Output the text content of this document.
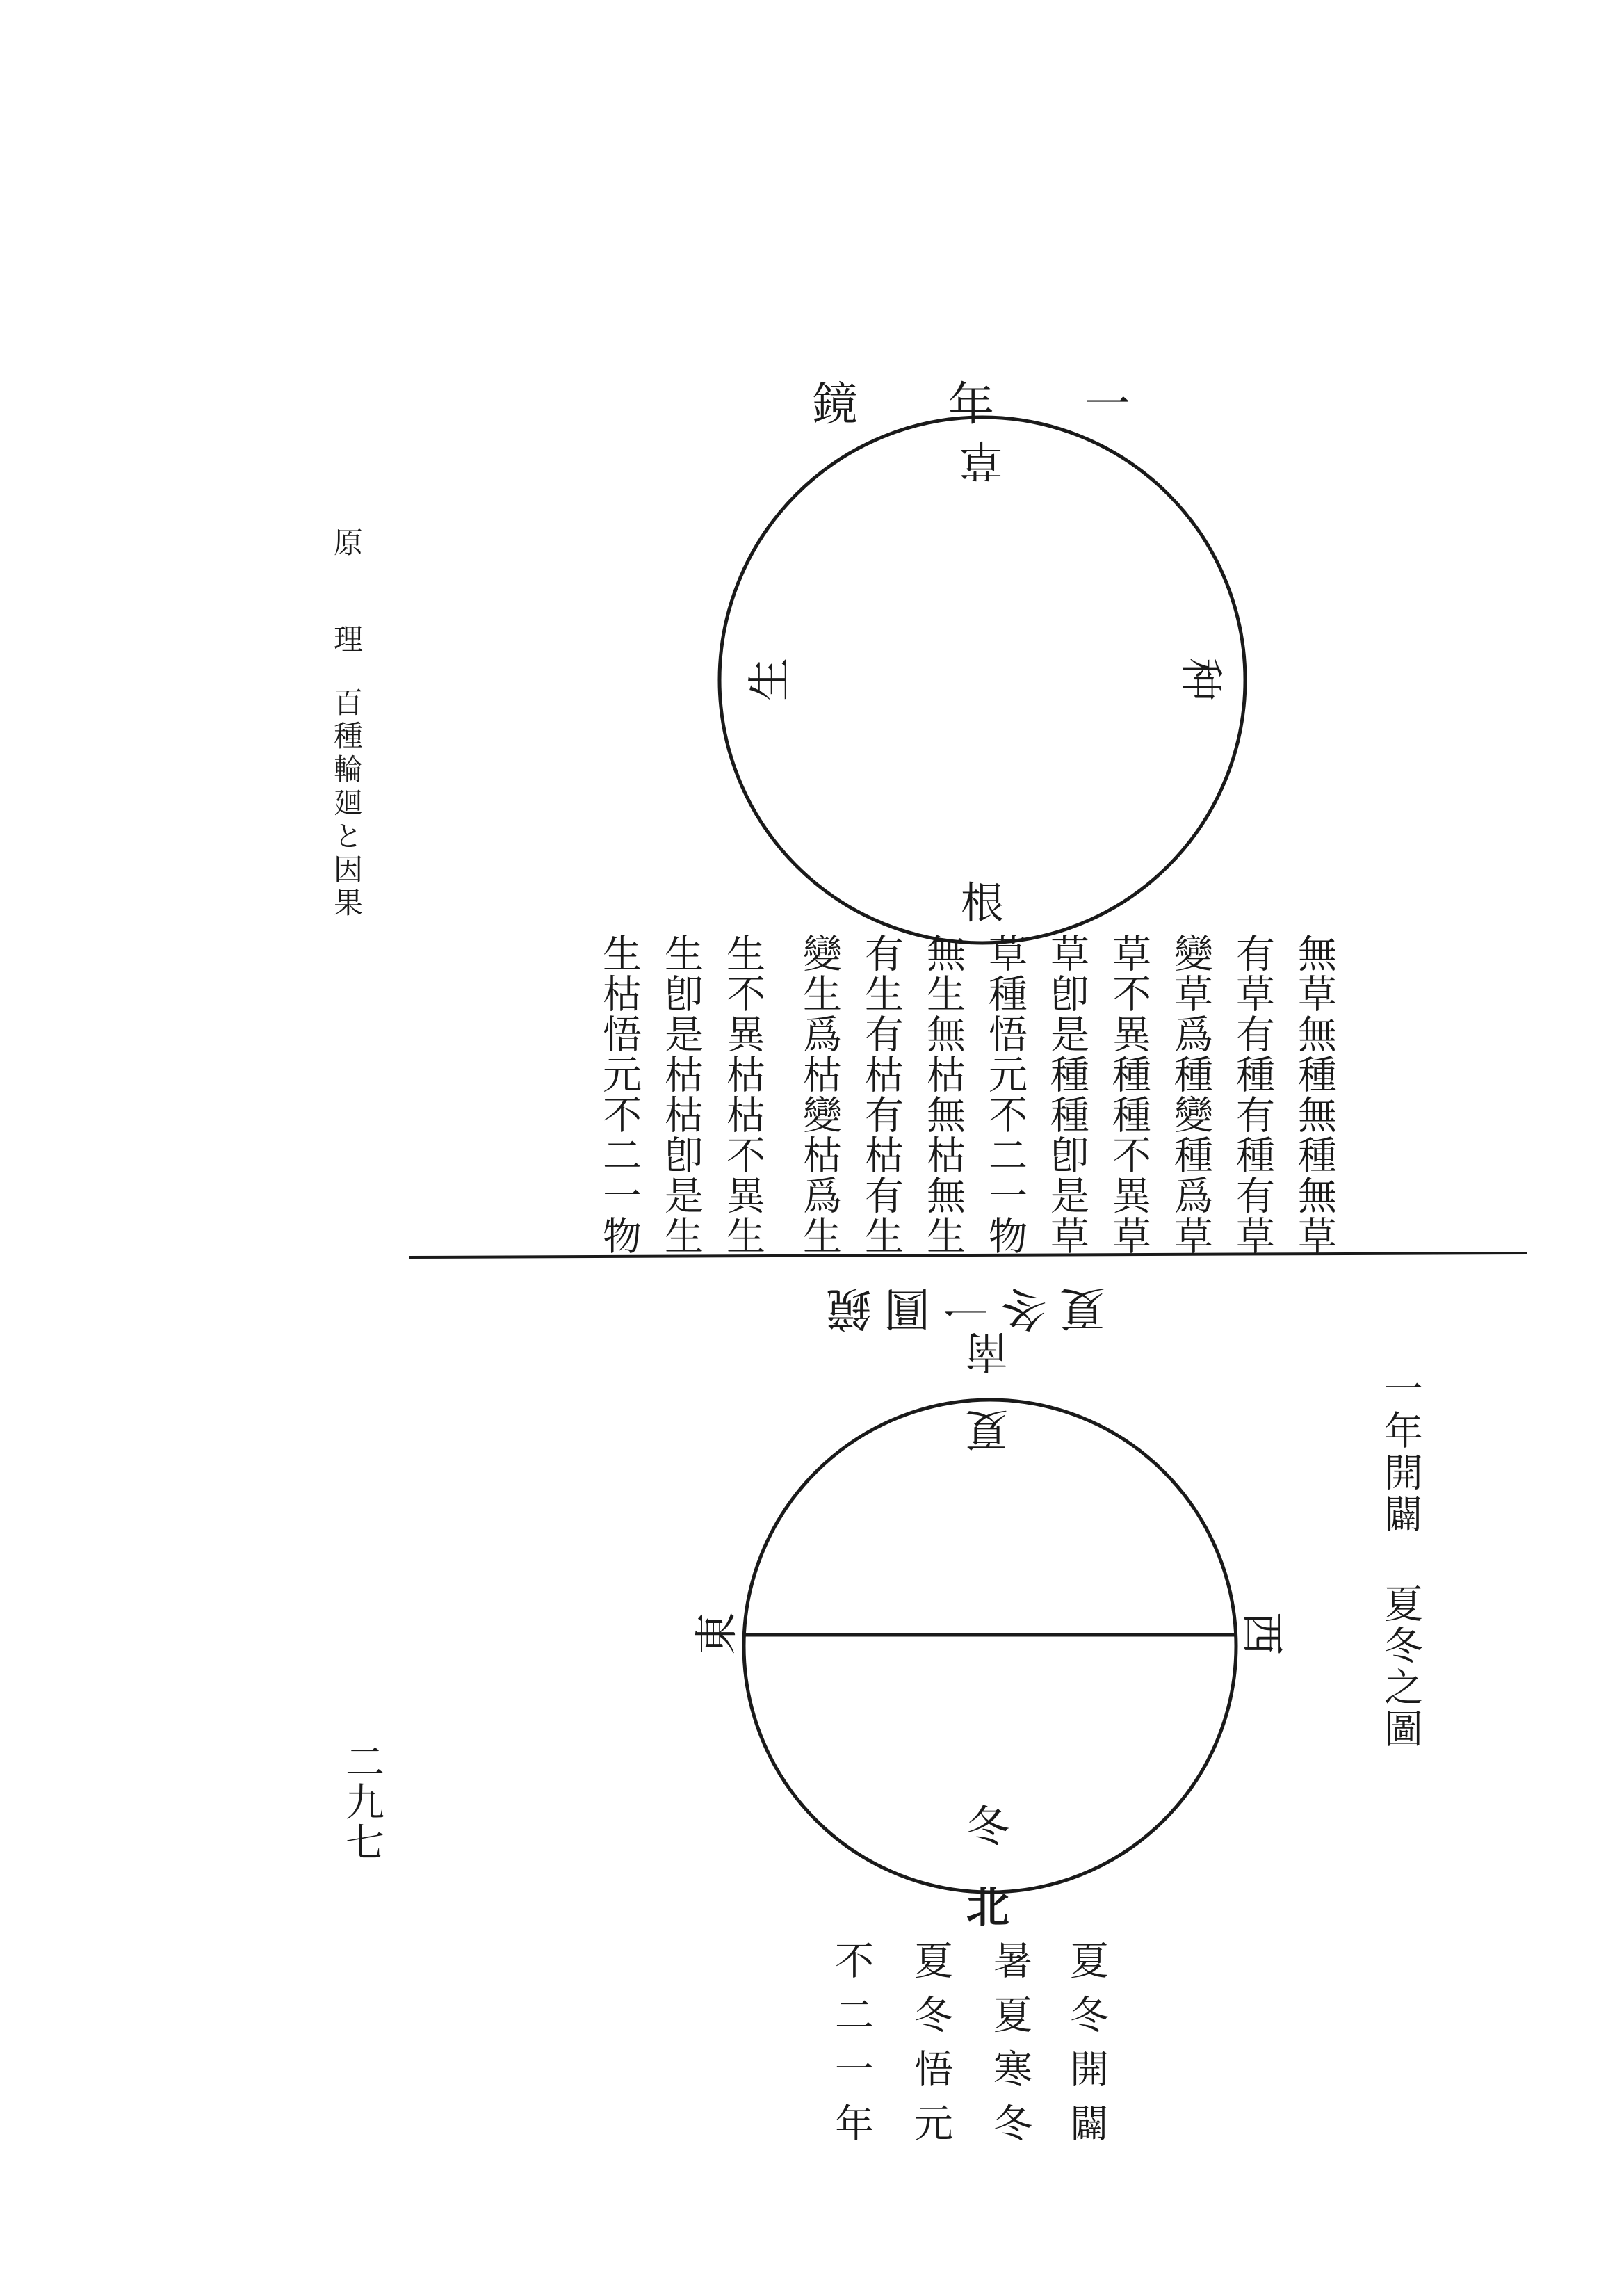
原 理
百種輪廻と因果
二九七
鏡 年 一
草
生	种
根
無草無種無種無草
有草有種有種有草
變草爲種變種爲草
草不異種種不異草
草卽是種種卽是草
草種悟元不二一物
無生無枯無枯無生
有生有枯有枯有生
變生爲枯變枯爲生
生不異枯枯不異生
生卽是枯枯卽是生
生枯悟元不二一物
夏冬一圓鏡
南
夏
東	西
冬
北
一年開闢 夏冬之圖
夏冬開闢
暑夏寒冬
夏冬悟元
不二一年
